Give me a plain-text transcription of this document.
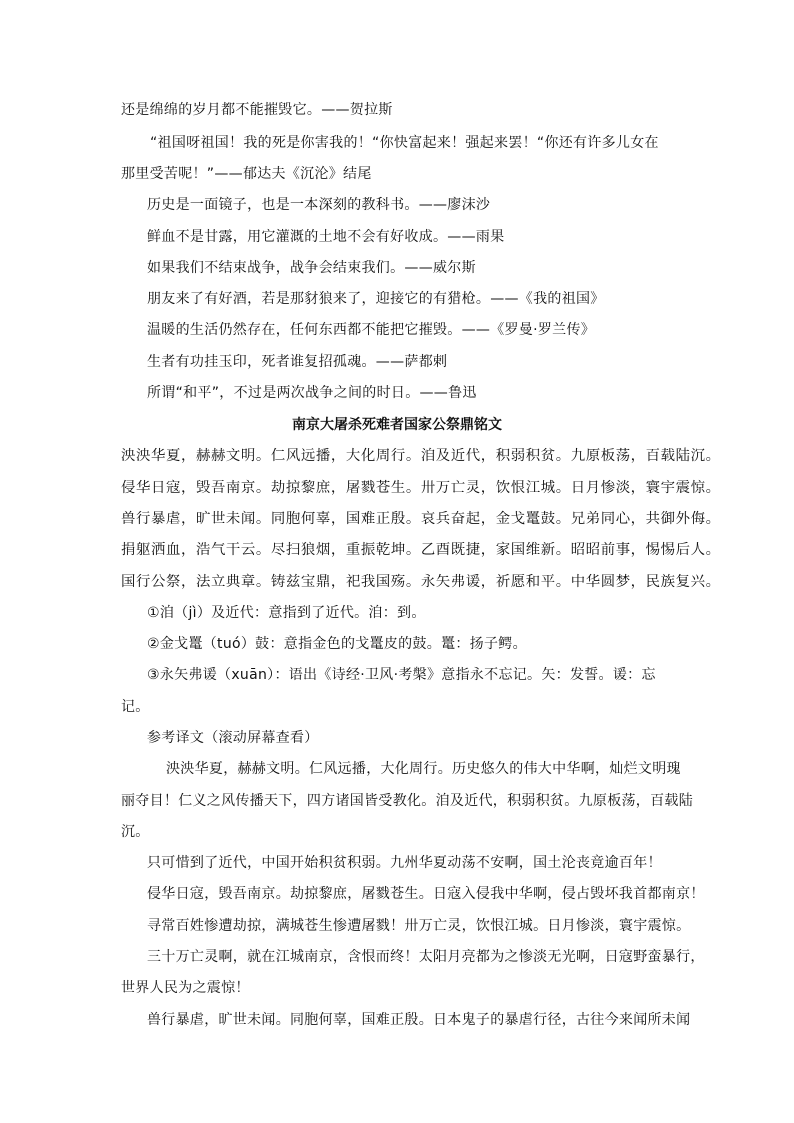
还是绵绵的岁月都不能摧毁它。——贺拉斯
“祖国呀祖国！我的死是你害我的！“你快富起来！强起来罢！“你还有许多儿女在
那里受苦呢！”——郁达夫《沉沦》结尾
历史是一面镜子，也是一本深刻的教科书。——廖沫沙
鲜血不是甘露，用它灌溉的土地不会有好收成。——雨果
如果我们不结束战争，战争会结束我们。——威尔斯
朋友来了有好酒，若是那豺狼来了，迎接它的有猎枪。——《我的祖国》
温暖的生活仍然存在，任何东西都不能把它摧毁。——《罗曼·罗兰传》
生者有功挂玉印，死者谁复招孤魂。——萨都剌
所谓“和平”，不过是两次战争之间的时日。——鲁迅
南京大屠杀死难者国家公祭鼎铭文
泱泱华夏，赫赫文明。仁风远播，大化周行。洎及近代，积弱积贫。九原板荡，百载陆沉。
侵华日寇，毁吾南京。劫掠黎庶，屠戮苍生。卅万亡灵，饮恨江城。日月惨淡，寰宇震惊。
兽行暴虐，旷世未闻。同胞何辜，国难正殷。哀兵奋起，金戈鼍鼓。兄弟同心，共御外侮。
捐躯洒血，浩气干云。尽扫狼烟，重振乾坤。乙酉既捷，家国维新。昭昭前事，惕惕后人。
国行公祭，法立典章。铸兹宝鼎，祀我国殇。永矢弗谖，祈愿和平。中华圆梦，民族复兴。
①洎（jì）及近代：意指到了近代。洎：到。
②金戈鼍（tuó）鼓：意指金色的戈鼍皮的鼓。鼍：扬子鳄。
③永矢弗谖（xuān）：语出《诗经·卫风·考槃》意指永不忘记。矢：发誓。谖：忘
记。
参考译文（滚动屏幕查看）
泱泱华夏，赫赫文明。仁风远播，大化周行。历史悠久的伟大中华啊，灿烂文明瑰
丽夺目！仁义之风传播天下，四方诸国皆受教化。洎及近代，积弱积贫。九原板荡，百载陆
沉。
只可惜到了近代，中国开始积贫积弱。九州华夏动荡不安啊，国土沦丧竟逾百年！
侵华日寇，毁吾南京。劫掠黎庶，屠戮苍生。日寇入侵我中华啊，侵占毁坏我首都南京！
寻常百姓惨遭劫掠，满城苍生惨遭屠戮！卅万亡灵，饮恨江城。日月惨淡，寰宇震惊。
三十万亡灵啊，就在江城南京，含恨而终！太阳月亮都为之惨淡无光啊，日寇野蛮暴行，
世界人民为之震惊！
兽行暴虐，旷世未闻。同胞何辜，国难正殷。日本鬼子的暴虐行径，古往今来闻所未闻
